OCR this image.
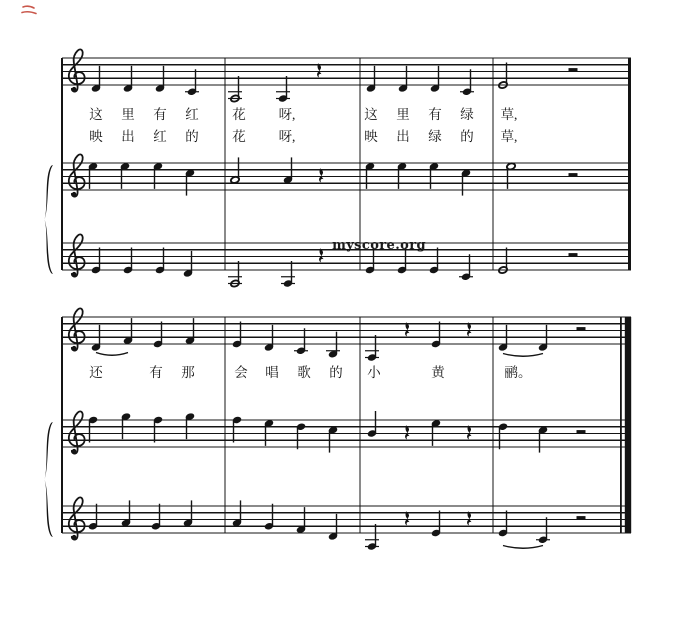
这 里 有 红 花 呀,	这 里 有 绿 草,
映 出 红 的 花 呀,	映 出 绿 的 草,
还	有 那	会 唱 歌 的 小	黄	鹂。
myscore.org
